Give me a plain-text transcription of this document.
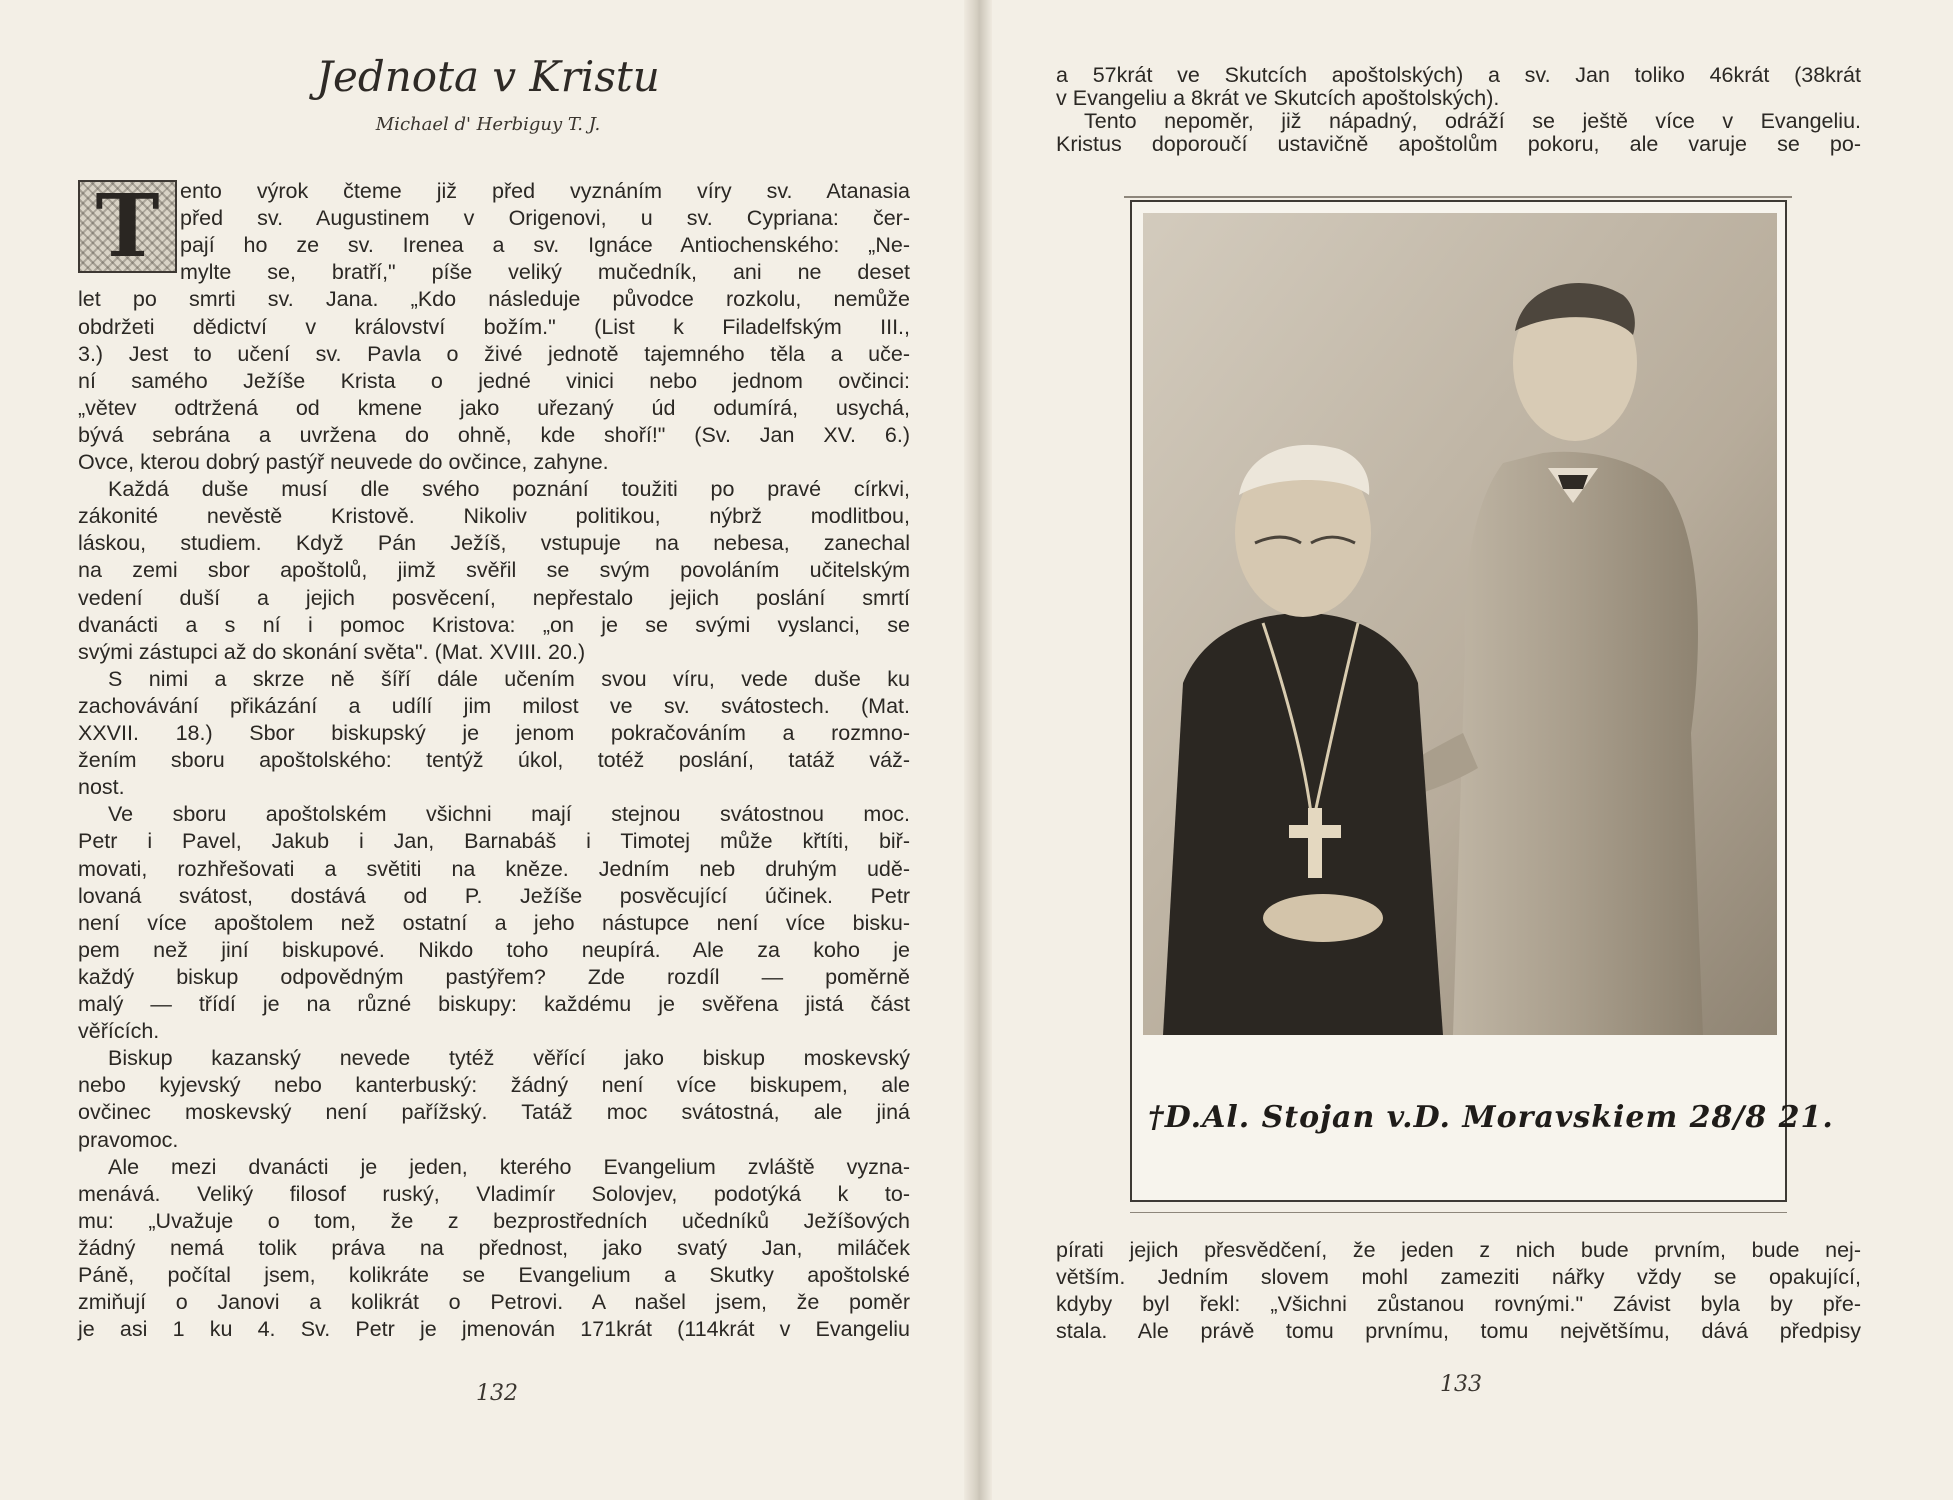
Jednota v Kristu
Michael d' Herbiguy T. J.
T ento výrok čteme již před vyznáním víry sv. Atanasia
před sv. Augustinem v Origenovi, u sv. Cypriana: čer-
pají ho ze sv. Irenea a sv. Ignáce Antiochenského: „Ne-
mylte se, bratří," píše veliký mučedník, ani ne deset
let po smrti sv. Jana. „Kdo následuje původce rozkolu, nemůže
obdržeti dědictví v království božím." (List k Filadelfským III.,
3.) Jest to učení sv. Pavla o živé jednotě tajemného těla a uče-
ní samého Ježíše Krista o jedné vinici nebo jednom ovčinci:
„větev odtržená od kmene jako uřezaný úd odumírá, usychá,
bývá sebrána a uvržena do ohně, kde shoří!" (Sv. Jan XV. 6.)
Ovce, kterou dobrý pastýř neuvede do ovčince, zahyne.
Každá duše musí dle svého poznání toužiti po pravé církvi,
zákonité nevěstě Kristově. Nikoliv politikou, nýbrž modlitbou,
láskou, studiem. Když Pán Ježíš, vstupuje na nebesa, zanechal
na zemi sbor apoštolů, jimž svěřil se svým povoláním učitelským
vedení duší a jejich posvěcení, nepřestalo jejich poslání smrtí
dvanácti a s ní i pomoc Kristova: „on je se svými vyslanci, se
svými zástupci až do skonání světa". (Mat. XVIII. 20.)
S nimi a skrze ně šíří dále učením svou víru, vede duše ku
zachovávání přikázání a udílí jim milost ve sv. svátostech. (Mat.
XXVII. 18.) Sbor biskupský je jenom pokračováním a rozmno-
žením sboru apoštolského: tentýž úkol, totéž poslání, tatáž váž-
nost.
Ve sboru apoštolském všichni mají stejnou svátostnou moc.
Petr i Pavel, Jakub i Jan, Barnabáš i Timotej může křtíti, biř-
movati, rozhřešovati a světiti na kněze. Jedním neb druhým udě-
lovaná svátost, dostává od P. Ježíše posvěcující účinek. Petr
není více apoštolem než ostatní a jeho nástupce není více bisku-
pem než jiní biskupové. Nikdo toho neupírá. Ale za koho je
každý biskup odpovědným pastýřem? Zde rozdíl — poměrně
malý — třídí je na různé biskupy: každému je svěřena jistá část
věřících.
Biskup kazanský nevede tytéž věřící jako biskup moskevský
nebo kyjevský nebo kanterbuský: žádný není více biskupem, ale
ovčinec moskevský není pařížský. Tatáž moc svátostná, ale jiná
pravomoc.
Ale mezi dvanácti je jeden, kterého Evangelium zvláště vyzna-
menává. Veliký filosof ruský, Vladimír Solovjev, podotýká k to-
mu: „Uvažuje o tom, že z bezprostředních učedníků Ježíšových
žádný nemá tolik práva na přednost, jako svatý Jan, miláček
Páně, počítal jsem, kolikráte se Evangelium a Skutky apoštolské
zmiňují o Janovi a kolikrát o Petrovi. A našel jsem, že poměr
je asi 1 ku 4. Sv. Petr je jmenován 171krát (114krát v Evangeliu
132
a 57krát ve Skutcích apoštolských) a sv. Jan toliko 46krát (38krát
v Evangeliu a 8krát ve Skutcích apoštolských).
Tento nepoměr, již nápadný, odráží se ještě více v Evangeliu.
Kristus doporoučí ustavičně apoštolům pokoru, ale varuje se po-
†D.Al. Stojan v.D. Moravskiem 28/8 21.
pírati jejich přesvědčení, že jeden z nich bude prvním, bude nej-
větším. Jedním slovem mohl zameziti nářky vždy se opakující,
kdyby byl řekl: „Všichni zůstanou rovnými." Závist byla by pře-
stala. Ale právě tomu prvnímu, tomu největšímu, dává předpisy
133
